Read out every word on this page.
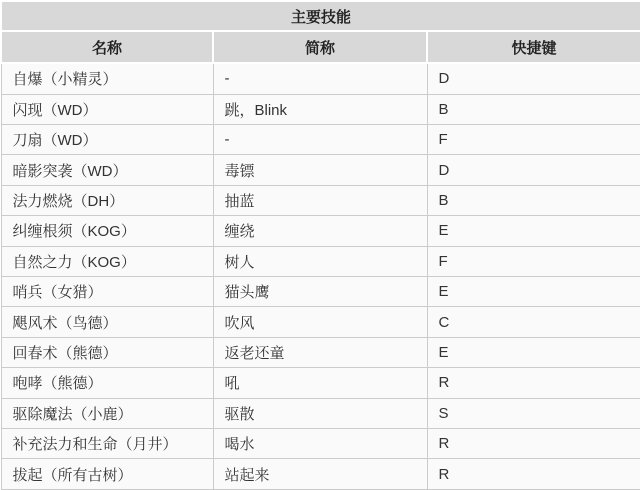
主要技能		
名称	简称	快捷键
自爆（小精灵）	-	D
闪现（WD）	跳，Blink	B
刀扇（WD）	-	F
暗影突袭（WD）	毒镖	D
法力燃烧（DH）	抽蓝	B
纠缠根须（KOG）	缠绕	E
自然之力（KOG）	树人	F
哨兵（女猎）	猫头鹰	E
飓风术（鸟德）	吹风	C
回春术（熊德）	返老还童	E
咆哮（熊德）	吼	R
驱除魔法（小鹿）	驱散	S
补充法力和生命（月井）	喝水	R
拔起（所有古树）	站起来	R
